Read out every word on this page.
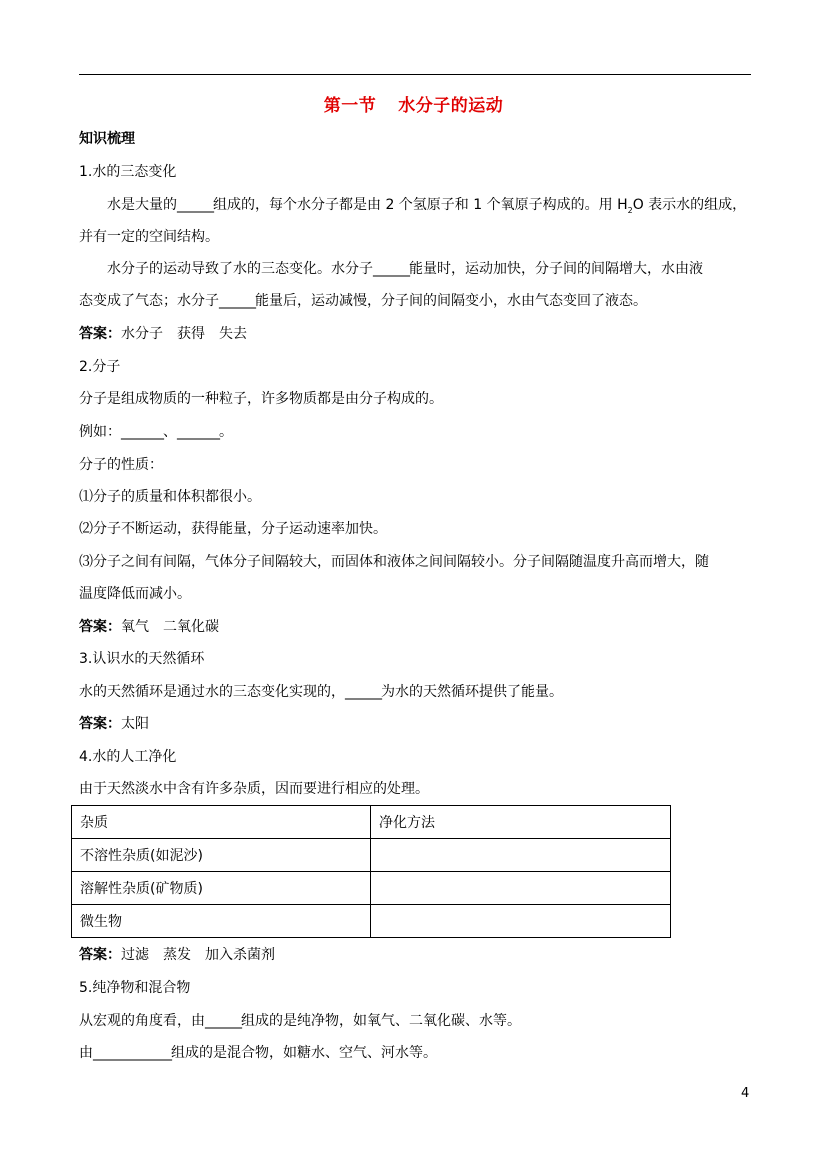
第一节 水分子的运动
知识梳理
1.水的三态变化
水是大量的______组成的，每个水分子都是由 2 个氢原子和 1 个氧原子构成的。用 $H_2O$ 表示水的组成，
并有一定的空间结构。
水分子的运动导致了水的三态变化。水分子______能量时，运动加快，分子间的间隔增大，水由液
态变成了气态；水分子______能量后，运动减慢，分子间的间隔变小，水由气态变回了液态。
答案：水分子　获得　失去
2.分子
分子是组成物质的一种粒子，许多物质都是由分子构成的。
例如：_______、_______。
分子的性质：
⑴分子的质量和体积都很小。
⑵分子不断运动，获得能量，分子运动速率加快。
⑶分子之间有间隔，气体分子间隔较大，而固体和液体之间间隔较小。分子间隔随温度升高而增大，随
温度降低而减小。
答案：氧气　二氧化碳
3.认识水的天然循环
水的天然循环是通过水的三态变化实现的，______为水的天然循环提供了能量。
答案：太阳
4.水的人工净化
由于天然淡水中含有许多杂质，因而要进行相应的处理。
杂质	净化方法
不溶性杂质(如泥沙)	
溶解性杂质(矿物质)	
微生物	
答案：过滤　蒸发　加入杀菌剂
5.纯净物和混合物
从宏观的角度看，由______组成的是纯净物，如氧气、二氧化碳、水等。
由_____________组成的是混合物，如糖水、空气、河水等。
4
